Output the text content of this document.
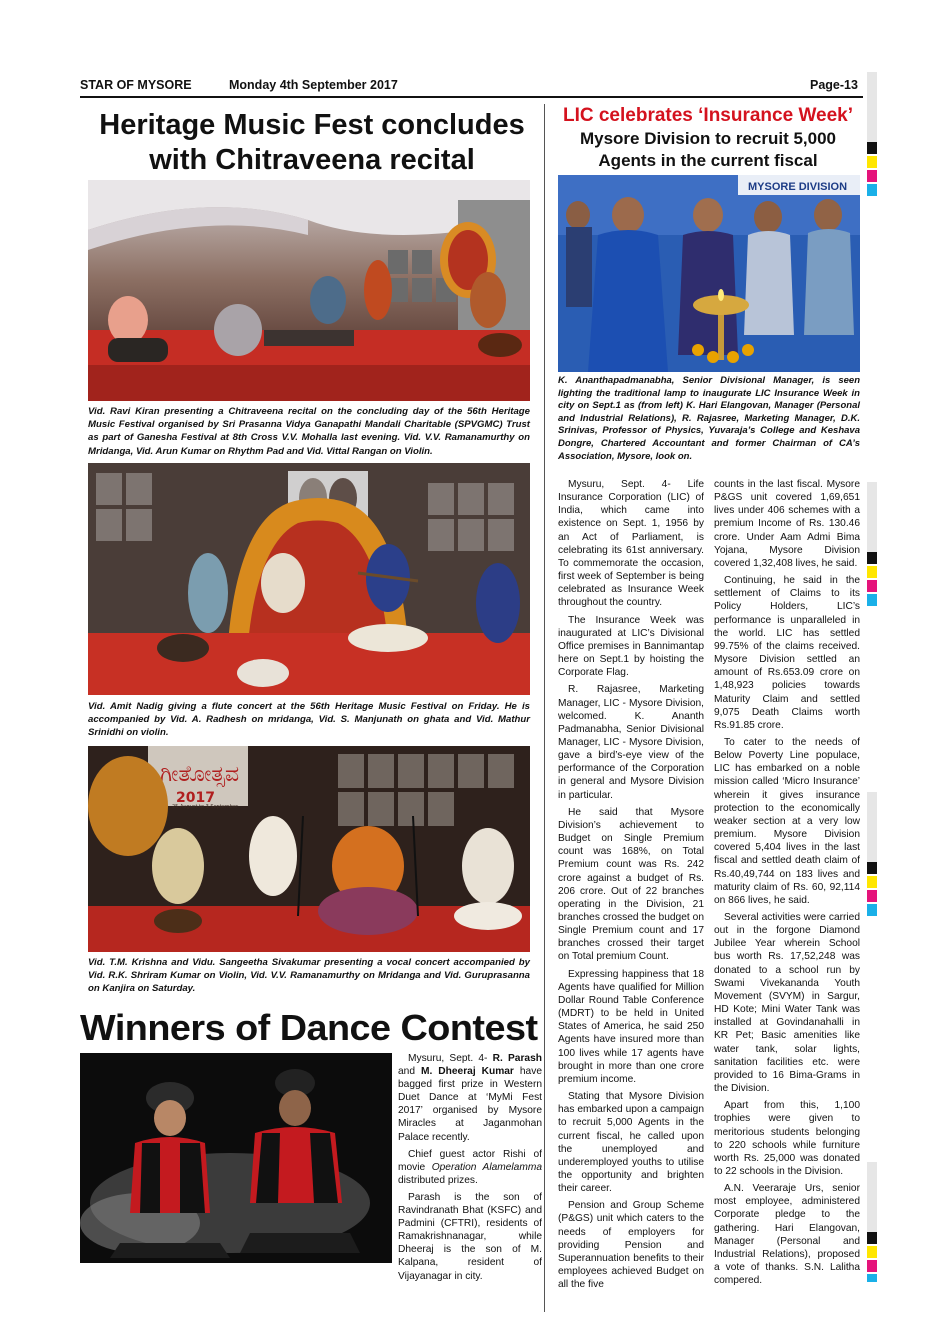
STAR OF MYSORE	Monday 4th September 2017	Page-13
Heritage Music Fest concludes
with Chitraveena recital

Vid. Ravi Kiran presenting a Chitraveena recital on the concluding day of the 56th Heritage Music Festival organised by Sri Prasanna Vidya Ganapathi Mandali Charitable (SPVGMC) Trust as part of Ganesha Festival at 8th Cross V.V. Mohalla last evening. Vid. V.V. Ramanamurthy on Mridanga, Vid. Arun Kumar on Rhythm Pad and Vid. Vittal Rangan on Violin.

Vid. Amit Nadig giving a flute concert at the 56th Heritage Music Festival on Friday. He is accompanied by Vid. A. Radhesh on mridanga, Vid. S. Manjunath on ghata and Vid. Mathur Srinidhi on violin.

ಗೀತೋತ್ಸವ
2017
25 August to 3 September

Vid. T.M. Krishna and Vidu. Sangeetha Sivakumar presenting a vocal concert accompanied by Vid. R.K. Shriram Kumar on Violin, Vid. V.V. Ramanamurthy on Mridanga and Vid. Guruprasanna on Kanjira on Saturday.

Winners of Dance Contest

Mysuru, Sept. 4- R. Parash and M. Dheeraj Kumar have bagged first prize in Western Duet Dance at ‘MyMi Fest 2017’ organised by Mysore Miracles at Jaganmohan Palace recently.

Chief guest actor Rishi of movie Operation Alamelamma distributed prizes.

Parash is the son of Ravindranath Bhat (KSFC) and Padmini (CFTRI), residents of Ramakrishnanagar, while Dheeraj is the son of M. Kalpana, resident of Vijayanagar in city.

LIC celebrates ‘Insurance Week’
Mysore Division to recruit 5,000
Agents in the current fiscal
MYSORE DIVISION

K. Ananthapadmanabha, Senior Divisional Manager, is seen lighting the traditional lamp to inaugurate LIC Insurance Week in city on Sept.1 as (from left) K. Hari Elangovan, Manager (Personal and Industrial Relations), R. Rajasree, Marketing Manager, D.K. Srinivas, Professor of Physics, Yuvaraja’s College and Keshava Dongre, Chartered Accountant and former Chairman of CA’s Association, Mysore, look on.

Mysuru, Sept. 4- Life Insurance Corporation (LIC) of India, which came into existence on Sept. 1, 1956 by an Act of Parliament, is celebrating its 61st anniversary. To commemorate the occasion, first week of September is being celebrated as Insurance Week throughout the country.

The Insurance Week was inaugurated at LIC’s Divisional Office premises in Bannimantap here on Sept.1 by hoisting the Corporate Flag.

R. Rajasree, Marketing Manager, LIC - Mysore Division, welcomed. K. Ananth Padmanabha, Senior Divisional Manager, LIC - Mysore Division, gave a bird’s-eye view of the performance of the Corporation in general and Mysore Division in particular.

He said that Mysore Division’s achievement to Budget on Single Premium count was 168%, on Total Premium count was Rs. 242 crore against a budget of Rs. 206 crore. Out of 22 branches operating in the Division, 21 branches crossed the budget on Single Premium count and 17 branches crossed their target on Total premium Count.

Expressing happiness that 18 Agents have qualified for Million Dollar Round Table Conference (MDRT) to be held in United States of America, he said 250 Agents have insured more than 100 lives while 17 agents have brought in more than one crore premium income.

Stating that Mysore Division has embarked upon a campaign to recruit 5,000 Agents in the current fiscal, he called upon the unemployed and underemployed youths to utilise the opportunity and brighten their career.

Pension and Group Scheme (P&GS) unit which caters to the needs of employers for providing Pension and Superannuation benefits to their employees achieved Budget on all the five

counts in the last fiscal. Mysore P&GS unit covered 1,69,651 lives under 406 schemes with a premium Income of Rs. 130.46 crore. Under Aam Admi Bima Yojana, Mysore Division covered 1,32,408 lives, he said.

Continuing, he said in the settlement of Claims to its Policy Holders, LIC’s performance is unparalleled in the world. LIC has settled 99.75% of the claims received. Mysore Division settled an amount of Rs.653.09 crore on 1,48,923 policies towards Maturity Claim and settled 9,075 Death Claims worth Rs.91.85 crore.

To cater to the needs of Below Poverty Line populace, LIC has embarked on a noble mission called ‘Micro Insurance’ wherein it gives insurance protection to the economically weaker section at a very low premium. Mysore Division covered 5,404 lives in the last fiscal and settled death claim of Rs.40,49,744 on 183 lives and maturity claim of Rs. 60, 92,114 on 866 lives, he said.

Several activities were carried out in the forgone Diamond Jubilee Year wherein School bus worth Rs. 17,52,248 was donated to a school run by Swami Vivekananda Youth Movement (SVYM) in Sargur, HD Kote; Mini Water Tank was installed at Govindanahalli in KR Pet; Basic amenities like water tank, solar lights, sanitation facilities etc. were provided to 16 Bima-Grams in the Division.

Apart from this, 1,100 trophies were given to meritorious students belonging to 220 schools while furniture worth Rs. 25,000 was donated to 22 schools in the Division.

A.N. Veeraraje Urs, senior most employee, administered Corporate pledge to the gathering. Hari Elangovan, Manager (Personal and Industrial Relations), proposed a vote of thanks. S.N. Lalitha compered.
